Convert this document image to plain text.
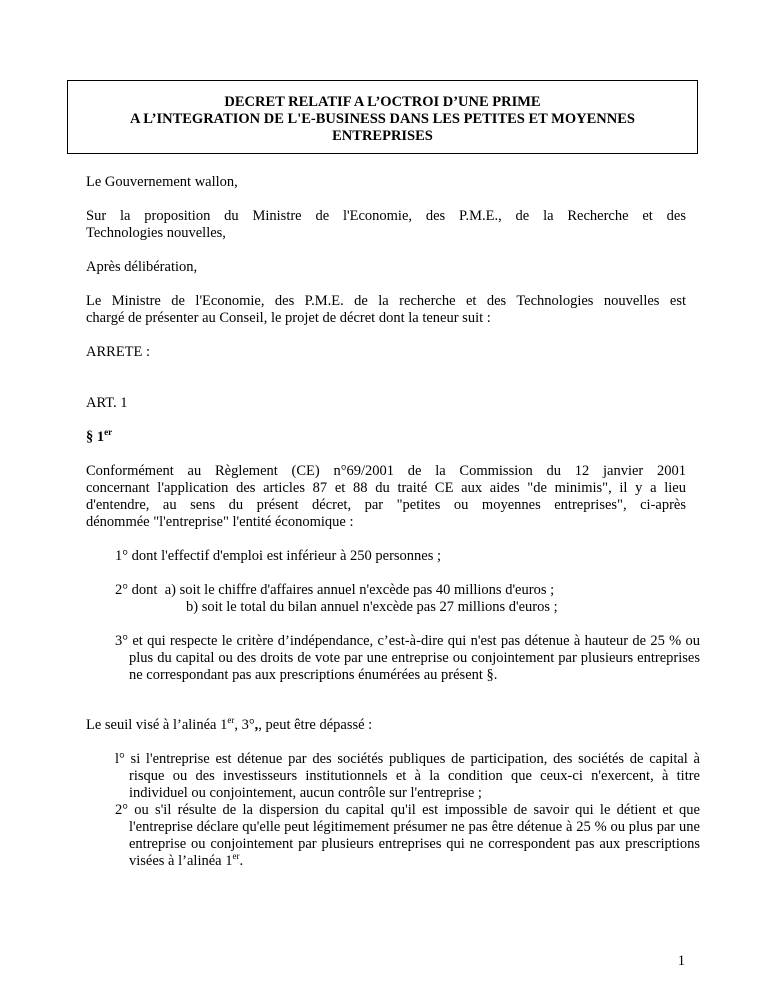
DECRET RELATIF A L’OCTROI D’UNE PRIME
A L’INTEGRATION DE L'E-BUSINESS DANS LES PETITES ET MOYENNES
ENTREPRISES
Le Gouvernement wallon,
Sur la proposition du Ministre de l'Economie, des P.M.E., de la Recherche et des
Technologies nouvelles,
Après délibération,
Le Ministre de l'Economie, des P.M.E. de la recherche et des Technologies nouvelles est
chargé de présenter au Conseil, le projet de décret dont la teneur suit :
ARRETE :
ART. 1
§ 1er
Conformément au Règlement (CE) n°69/2001 de la Commission du 12 janvier 2001
concernant l'application des articles 87 et 88 du traité CE aux aides "de minimis", il y a lieu
d'entendre, au sens du présent décret, par "petites ou moyennes entreprises", ci-après
dénommée "l'entreprise" l'entité économique :
1° dont l'effectif d'emploi est inférieur à 250 personnes ;
2° dont  a) soit le chiffre d'affaires annuel n'excède pas 40 millions d'euros ;
b) soit le total du bilan annuel n'excède pas 27 millions d'euros ;
3° et qui respecte le critère d’indépendance, c’est-à-dire qui n'est pas détenue à hauteur de 25 % ou plus du capital ou des droits de vote par une entreprise ou conjointement par plusieurs entreprises ne correspondant pas aux prescriptions énumérées au présent §.
Le seuil visé à l’alinéa 1er, 3°,, peut être dépassé :
l° si l'entreprise est détenue par des sociétés publiques de participation, des sociétés de capital à risque ou des investisseurs institutionnels et à la condition que ceux-ci n'exercent, à titre individuel ou conjointement, aucun contrôle sur l'entreprise ;
2° ou s'il résulte de la dispersion du capital qu'il est impossible de savoir qui le détient et que l'entreprise déclare qu'elle peut légitimement présumer ne pas être détenue à 25 % ou plus par une entreprise ou conjointement par plusieurs entreprises qui ne correspondent pas aux prescriptions visées à l’alinéa 1er.
1
